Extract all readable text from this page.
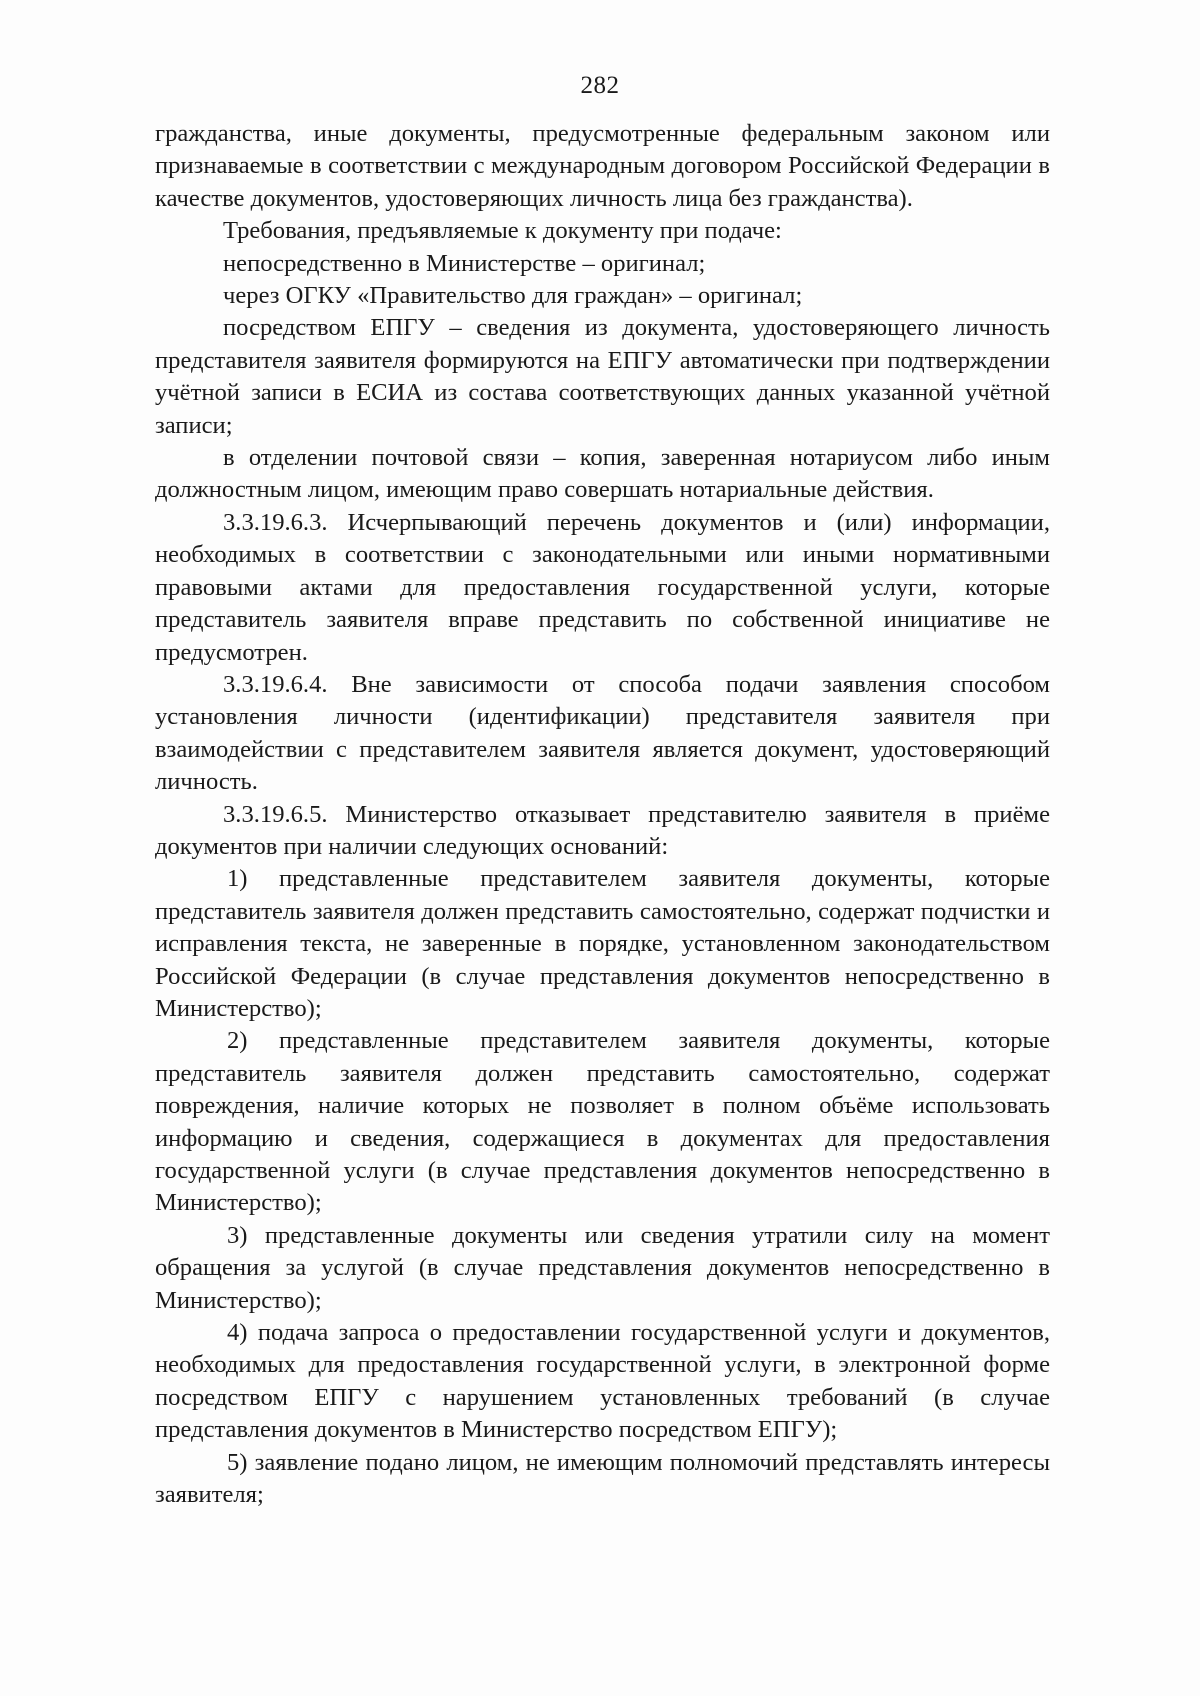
282

гражданства, иные документы, предусмотренные федеральным законом или признаваемые в соответствии с международным договором Российской Федерации в качестве документов, удостоверяющих личность лица без гражданства).

Требования, предъявляемые к документу при подаче:

непосредственно в Министерстве – оригинал;

через ОГКУ «Правительство для граждан» – оригинал;

посредством ЕПГУ – сведения из документа, удостоверяющего личность представителя заявителя формируются на ЕПГУ автоматически при подтверждении учётной записи в ЕСИА из состава соответствующих данных указанной учётной записи;

в отделении почтовой связи – копия, заверенная нотариусом либо иным должностным лицом, имеющим право совершать нотариальные действия.

3.3.19.6.3. Исчерпывающий перечень документов и (или) информации, необходимых в соответствии с законодательными или иными нормативными правовыми актами для предоставления государственной услуги, которые представитель заявителя вправе представить по собственной инициативе не предусмотрен.

3.3.19.6.4. Вне зависимости от способа подачи заявления способом установления личности (идентификации) представителя заявителя при взаимодействии с представителем заявителя является документ, удостоверяющий личность.

3.3.19.6.5. Министерство отказывает представителю заявителя в приёме документов при наличии следующих оснований:

1) представленные представителем заявителя документы, которые представитель заявителя должен представить самостоятельно, содержат подчистки и исправления текста, не заверенные в порядке, установленном законодательством Российской Федерации (в случае представления документов непосредственно в Министерство);

2) представленные представителем заявителя документы, которые представитель заявителя должен представить самостоятельно, содержат повреждения, наличие которых не позволяет в полном объёме использовать информацию и сведения, содержащиеся в документах для предоставления государственной услуги (в случае представления документов непосредственно в Министерство);

3) представленные документы или сведения утратили силу на момент обращения за услугой (в случае представления документов непосредственно в Министерство);

4) подача запроса о предоставлении государственной услуги и документов, необходимых для предоставления государственной услуги, в электронной форме посредством ЕПГУ с нарушением установленных требований (в случае представления документов в Министерство посредством ЕПГУ);

5) заявление подано лицом, не имеющим полномочий представлять интересы заявителя;
